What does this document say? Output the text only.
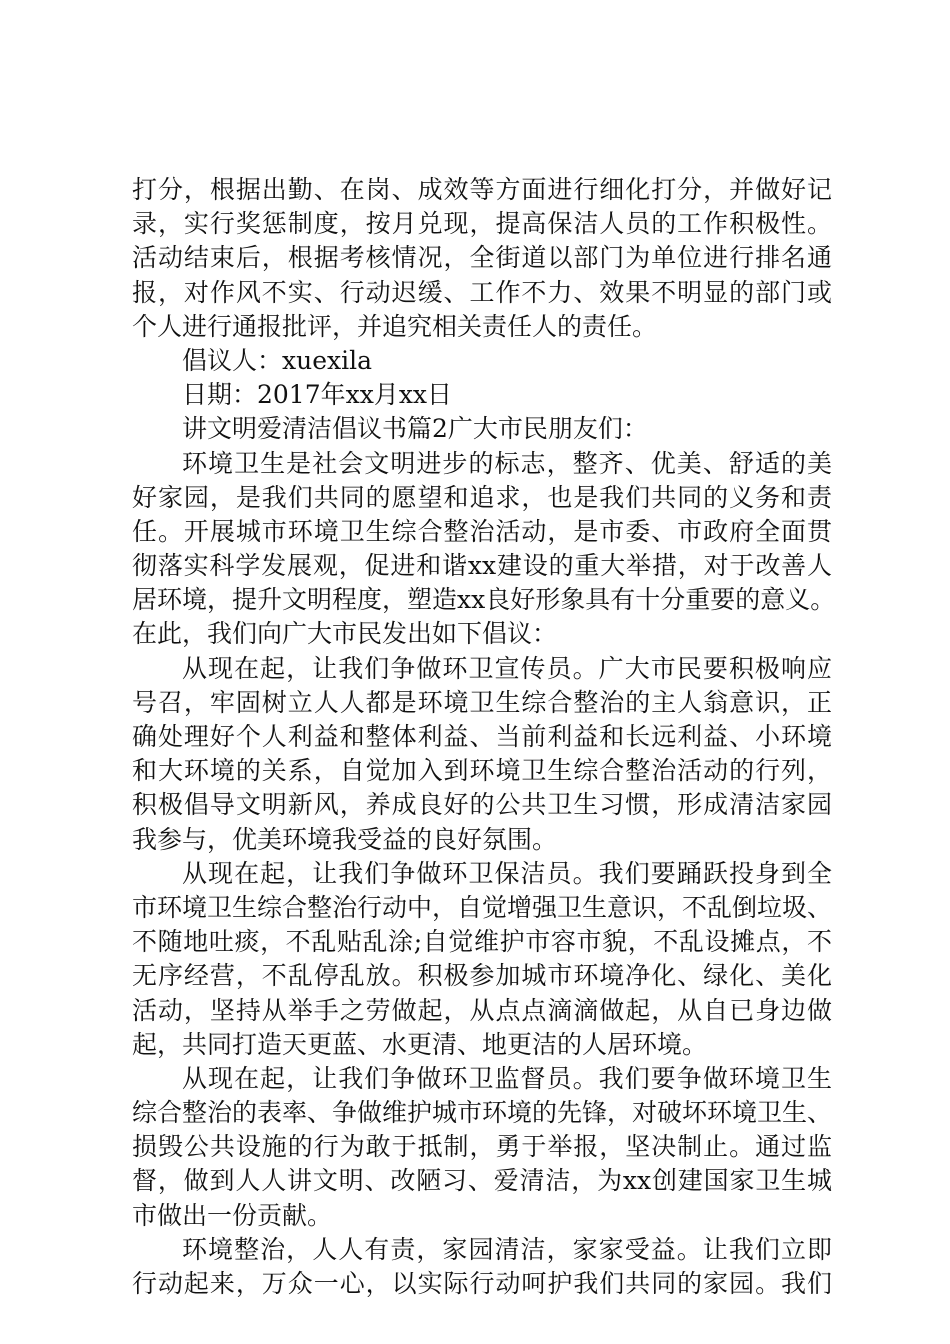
打分，根据出勤、在岗、成效等方面进行细化打分，并做好记
录，实行奖惩制度，按月兑现，提高保洁人员的工作积极性。
活动结束后，根据考核情况，全街道以部门为单位进行排名通
报，对作风不实、行动迟缓、工作不力、效果不明显的部门或
个人进行通报批评，并追究相关责任人的责任。
倡议人：xuexila
日期：2017年xx月xx日
讲文明爱清洁倡议书篇2广大市民朋友们：
环境卫生是社会文明进步的标志，整齐、优美、舒适的美
好家园，是我们共同的愿望和追求，也是我们共同的义务和责
任。开展城市环境卫生综合整治活动，是市委、市政府全面贯
彻落实科学发展观，促进和谐xx建设的重大举措，对于改善人
居环境，提升文明程度，塑造xx良好形象具有十分重要的意义。
在此，我们向广大市民发出如下倡议：
从现在起，让我们争做环卫宣传员。广大市民要积极响应
号召，牢固树立人人都是环境卫生综合整治的主人翁意识，正
确处理好个人利益和整体利益、当前利益和长远利益、小环境
和大环境的关系，自觉加入到环境卫生综合整治活动的行列，
积极倡导文明新风，养成良好的公共卫生习惯，形成清洁家园
我参与，优美环境我受益的良好氛围。
从现在起，让我们争做环卫保洁员。我们要踊跃投身到全
市环境卫生综合整治行动中，自觉增强卫生意识，不乱倒垃圾、
不随地吐痰，不乱贴乱涂;自觉维护市容市貌，不乱设摊点，不
无序经营，不乱停乱放。积极参加城市环境净化、绿化、美化
活动，坚持从举手之劳做起，从点点滴滴做起，从自已身边做
起，共同打造天更蓝、水更清、地更洁的人居环境。
从现在起，让我们争做环卫监督员。我们要争做环境卫生
综合整治的表率、争做维护城市环境的先锋，对破坏环境卫生、
损毁公共设施的行为敢于抵制，勇于举报，坚决制止。通过监
督，做到人人讲文明、改陋习、爱清洁，为xx创建国家卫生城
市做出一份贡献。
环境整治，人人有责，家园清洁，家家受益。让我们立即
行动起来，万众一心，以实际行动呵护我们共同的家园。我们
